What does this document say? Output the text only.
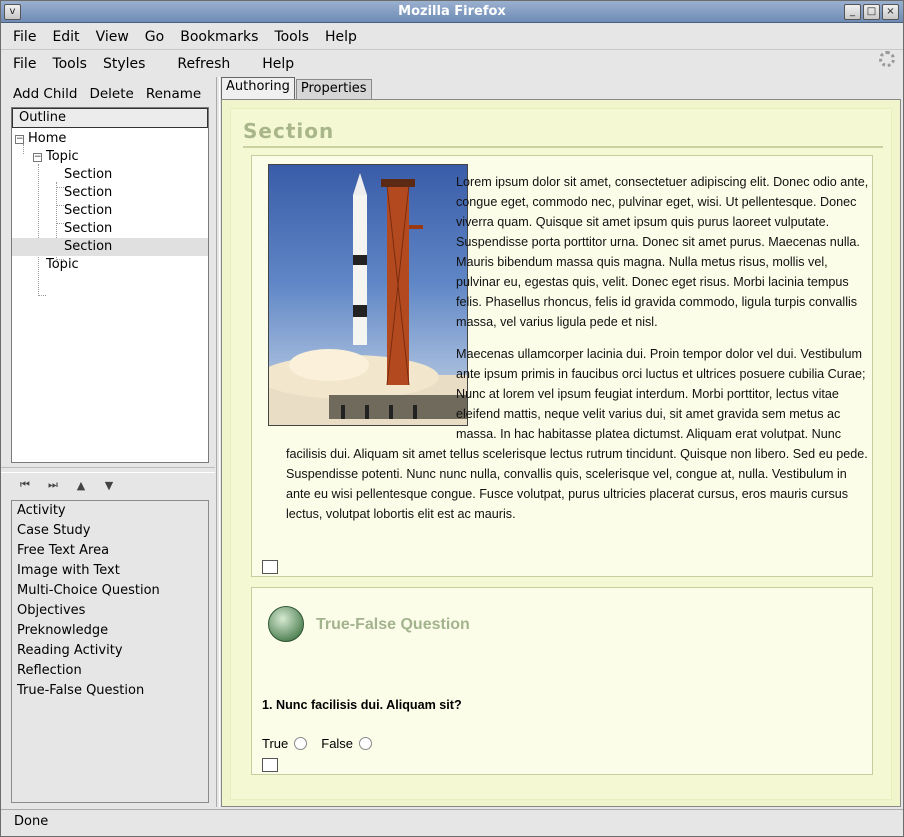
v	Mozilla Firefox	_	□	×
File	Edit	View	Go	Bookmarks	Tools	Help
File	Tools	Styles	Refresh	Help
Add Child Delete Rename
Outline
− Home
− Topic
Section
Section
Section
Section
Section
Topic
⏮	⏭	▲	▼
Activity
Case Study
Free Text Area
Image with Text
Multi-Choice Question
Objectives
Preknowledge
Reading Activity
Reflection
True-False Question
Authoring Properties
Section

Lorem ipsum dolor sit amet, consectetuer adipiscing elit. Donec odio ante, congue eget, commodo nec, pulvinar eget, wisi. Ut pellentesque. Donec viverra quam. Quisque sit amet ipsum quis purus laoreet vulputate. Suspendisse porta porttitor urna. Donec sit amet purus. Maecenas nulla. Mauris bibendum massa quis magna. Nulla metus risus, mollis vel, pulvinar eu, egestas quis, velit. Donec eget risus. Morbi lacinia tempus felis. Phasellus rhoncus, felis id gravida commodo, ligula turpis convallis massa, vel varius ligula pede et nisl.

Maecenas ullamcorper lacinia dui. Proin tempor dolor vel dui. Vestibulum ante ipsum primis in faucibus orci luctus et ultrices posuere cubilia Curae; Nunc at lorem vel ipsum feugiat interdum. Morbi porttitor, lectus vitae eleifend mattis, neque velit varius dui, sit amet gravida sem metus ac massa. In hac habitasse platea dictumst. Aliquam erat volutpat. Nunc facilisis dui. Aliquam sit amet tellus scelerisque lectus rutrum tincidunt. Quisque non libero. Sed eu pede. Suspendisse potenti. Nunc nunc nulla, convallis quis, scelerisque vel, congue at, nulla. Vestibulum in ante eu wisi pellentesque congue. Fusce volutpat, purus ultricies placerat cursus, eros mauris cursus lectus, volutpat lobortis elit est ac mauris.

True-False Question
1. Nunc facilisis dui. Aliquam sit?
True	False
Done
